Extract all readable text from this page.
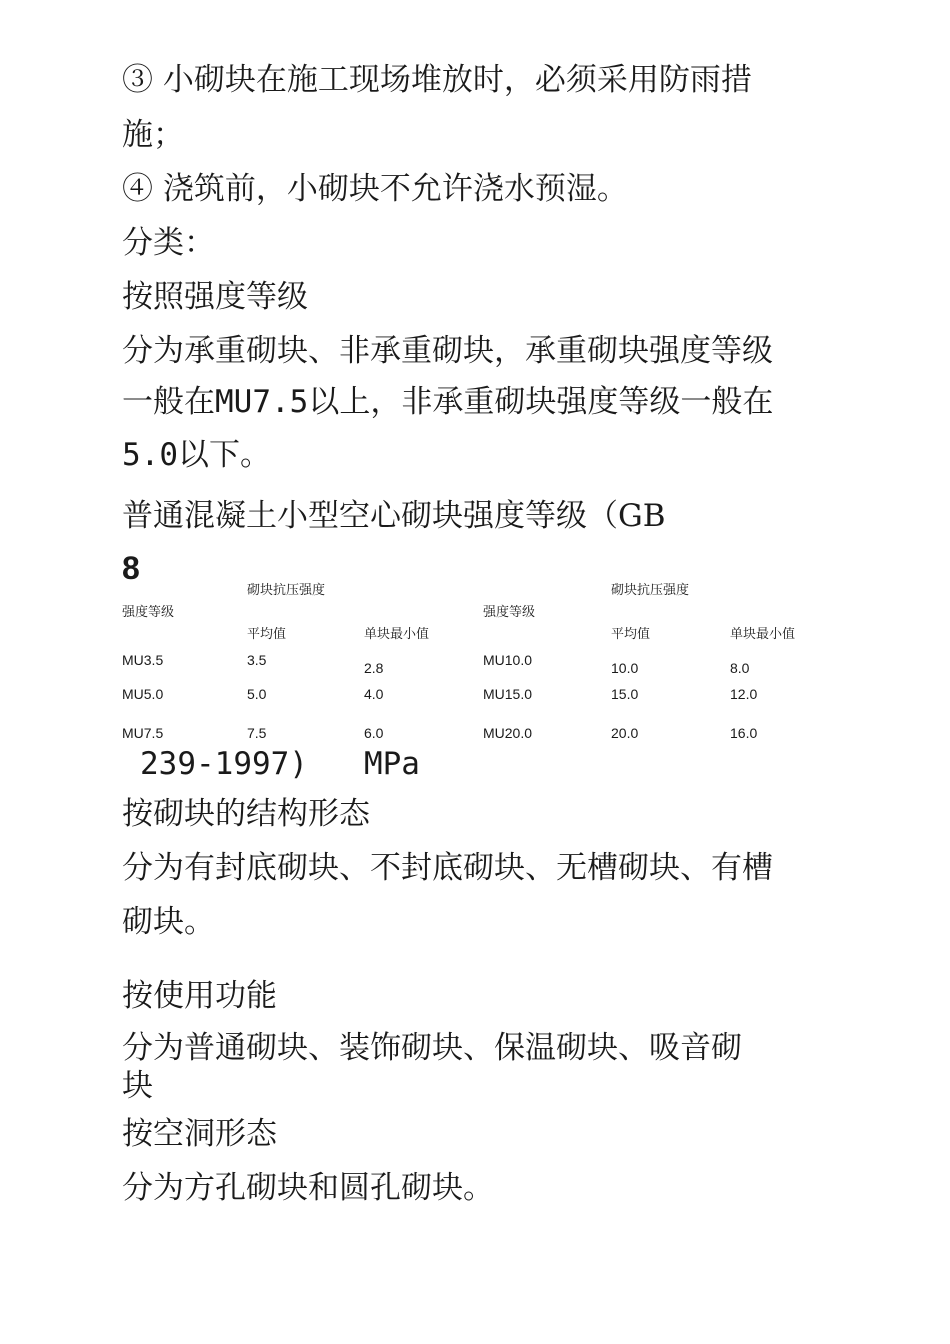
③ 小砌块在施工现场堆放时，必须采用防雨措
施；
④ 浇筑前，小砌块不允许浇水预湿。
分类：
按照强度等级
分为承重砌块、非承重砌块，承重砌块强度等级
一般在MU7.5以上，非承重砌块强度等级一般在
5.0以下。
普通混凝土小型空心砌块强度等级（GB
8
砌块抗压强度
强度等级
平均值	单块最小值
MU3.5	3.5	2.8
MU5.0	5.0	4.0
MU7.5	7.5	6.0
砌块抗压强度
强度等级
平均值	单块最小值
MU10.0	10.0	8.0
MU15.0	15.0	12.0
MU20.0	20.0	16.0
239-1997)   MPa
按砌块的结构形态
分为有封底砌块、不封底砌块、无槽砌块、有槽
砌块。
按使用功能
分为普通砌块、装饰砌块、保温砌块、吸音砌
块
按空洞形态
分为方孔砌块和圆孔砌块。
